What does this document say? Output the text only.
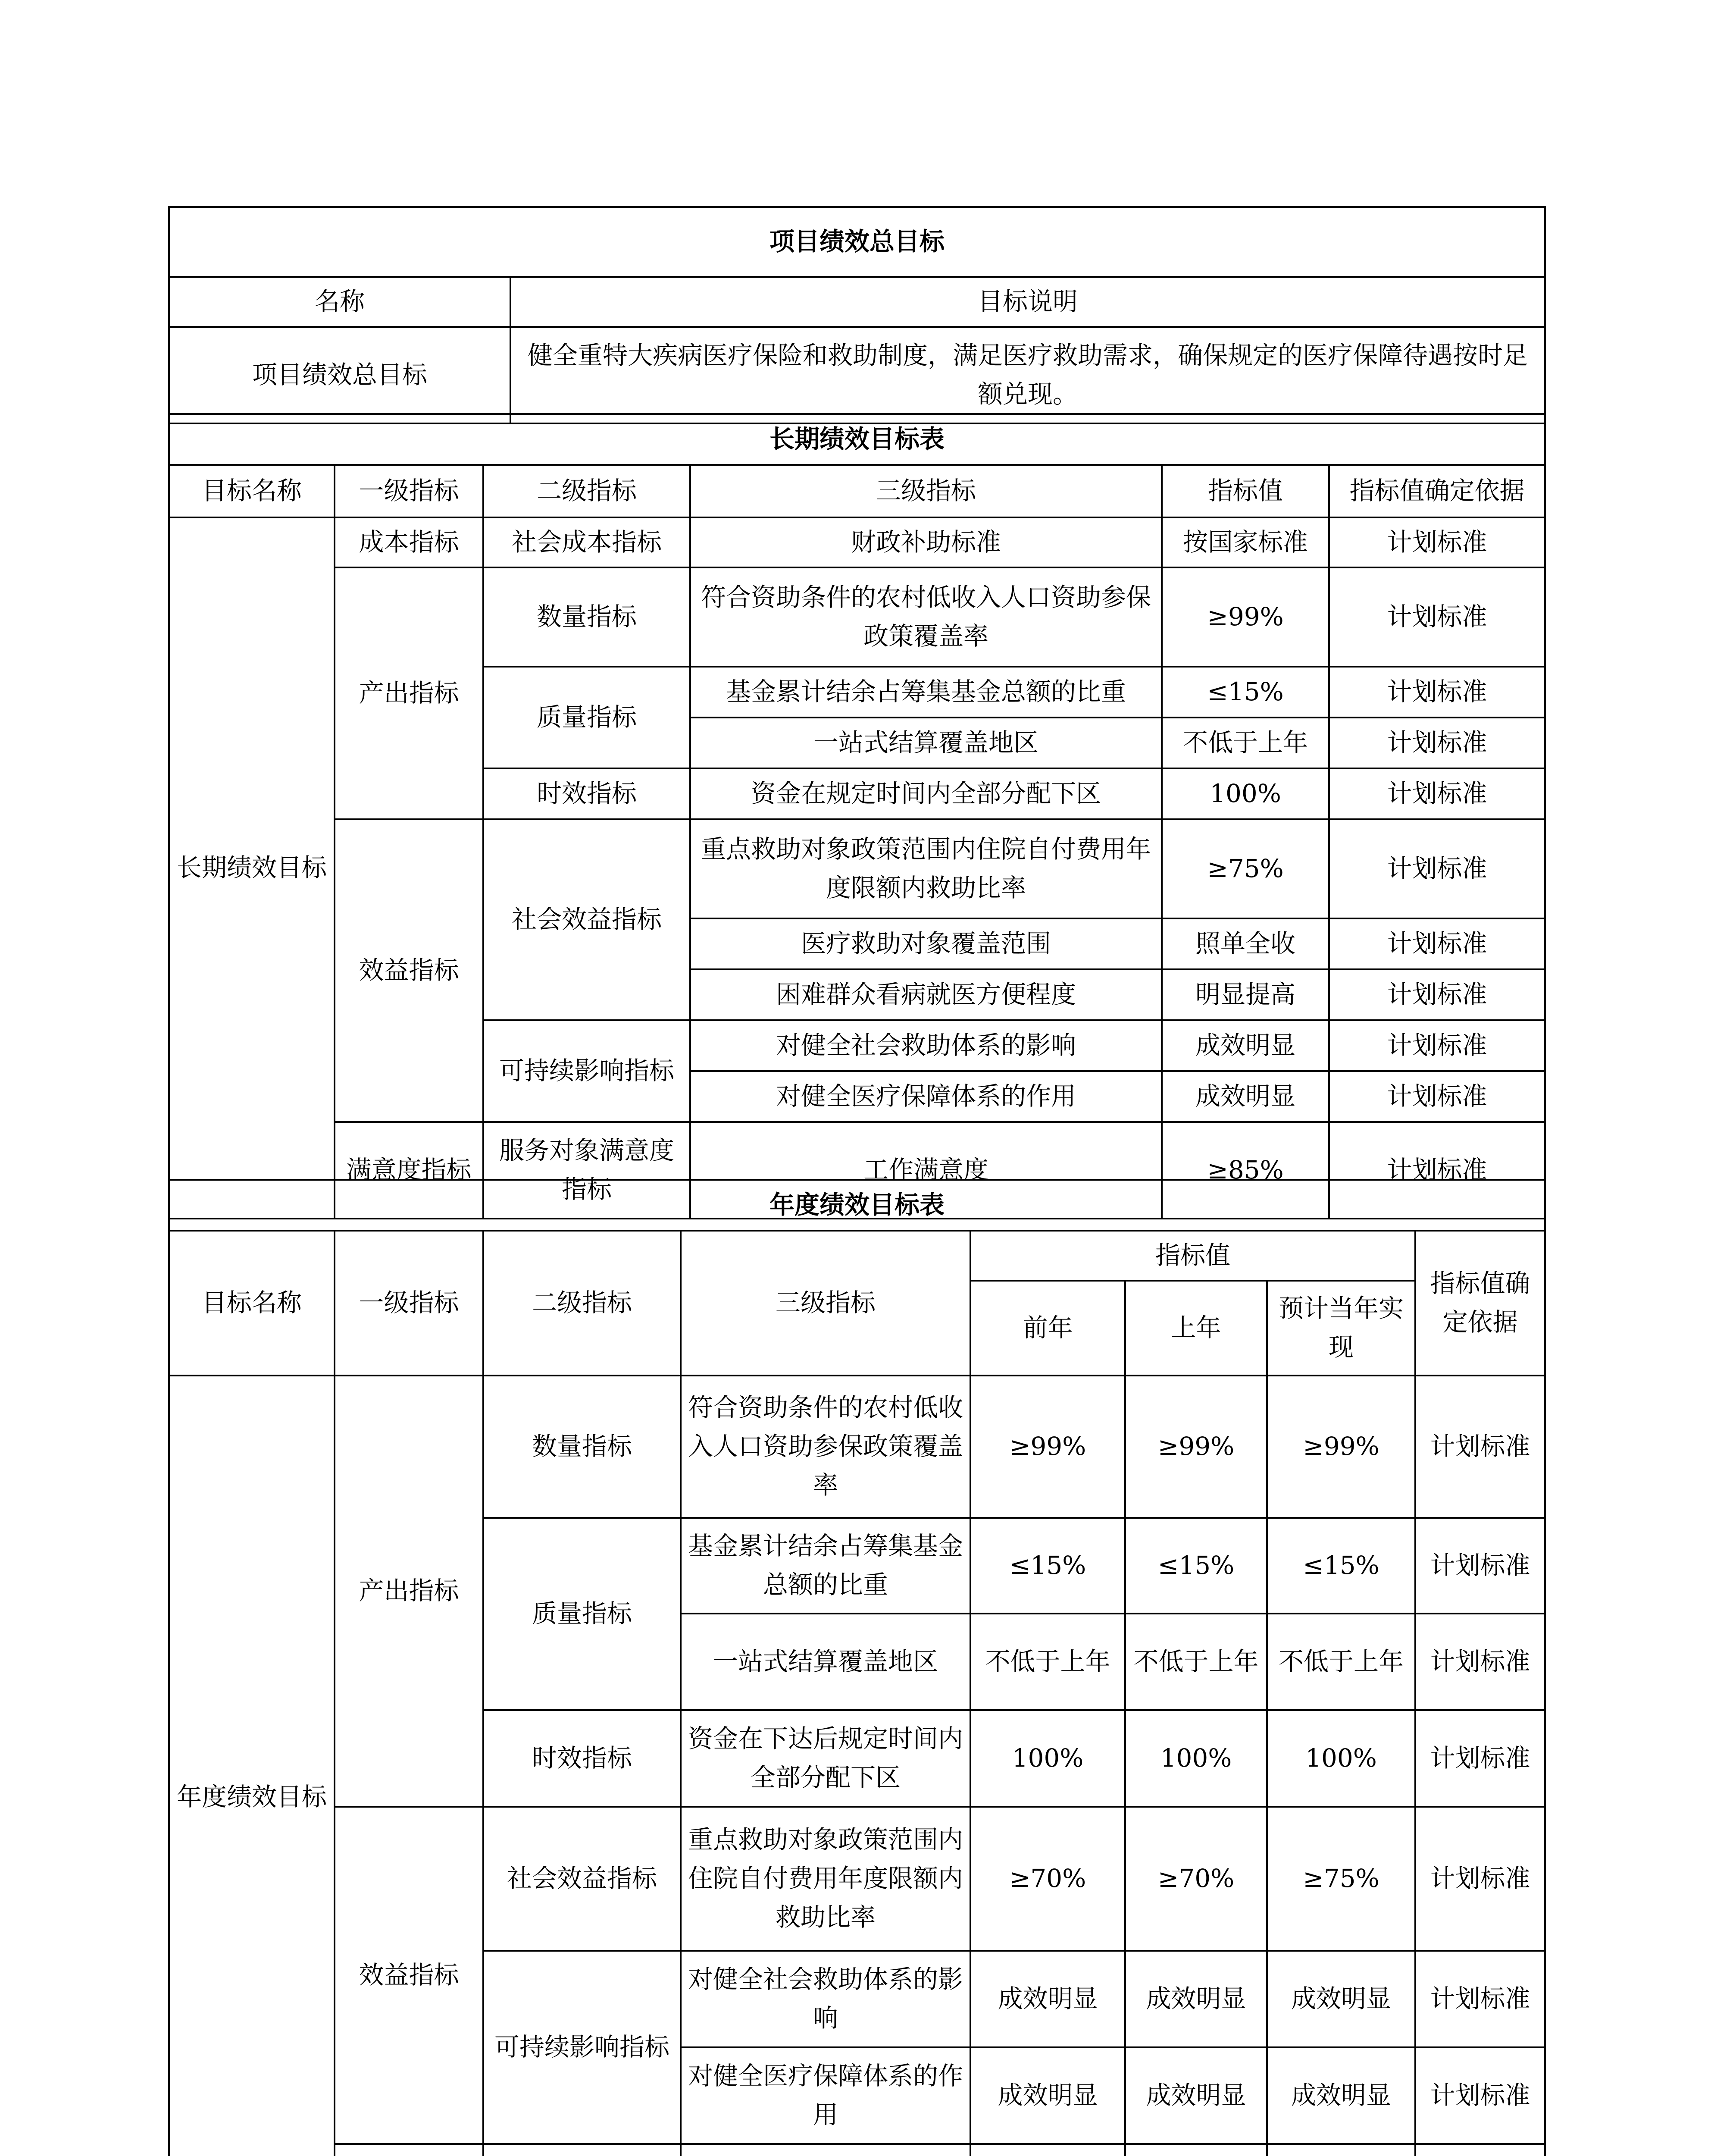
项目绩效总目标	
名称	目标说明
项目绩效总目标	健全重特大疾病医疗保险和救助制度，满足医疗救助需求，确保规定的医疗保障待遇按时足额兑现。
长期绩效目标表					
目标名称	一级指标	二级指标	三级指标	指标值	指标值确定依据
长期绩效目标	成本指标	社会成本指标	财政补助标准	按国家标准	计划标准
	产出指标	数量指标	符合资助条件的农村低收入人口资助参保政策覆盖率	≥99%	计划标准
		质量指标	基金累计结余占筹集基金总额的比重	≤15%	计划标准
			一站式结算覆盖地区	不低于上年	计划标准
		时效指标	资金在规定时间内全部分配下区	100%	计划标准
	效益指标	社会效益指标	重点救助对象政策范围内住院自付费用年度限额内救助比率	≥75%	计划标准
			医疗救助对象覆盖范围	照单全收	计划标准
			困难群众看病就医方便程度	明显提高	计划标准
		可持续影响指标	对健全社会救助体系的影响	成效明显	计划标准
			对健全医疗保障体系的作用	成效明显	计划标准
	满意度指标	服务对象满意度指标	工作满意度	≥85%	计划标准
年度绩效目标表							
目标名称	一级指标	二级指标	三级指标	指标值			指标值确定依据
				前年	上年	预计当年实现	
年度绩效目标	产出指标	数量指标	符合资助条件的农村低收入人口资助参保政策覆盖率	≥99%	≥99%	≥99%	计划标准
		质量指标	基金累计结余占筹集基金总额的比重	≤15%	≤15%	≤15%	计划标准
			一站式结算覆盖地区	不低于上年	不低于上年	不低于上年	计划标准
		时效指标	资金在下达后规定时间内全部分配下区	100%	100%	100%	计划标准
	效益指标	社会效益指标	重点救助对象政策范围内住院自付费用年度限额内救助比率	≥70%	≥70%	≥75%	计划标准
		可持续影响指标	对健全社会救助体系的影响	成效明显	成效明显	成效明显	计划标准
			对健全医疗保障体系的作用	成效明显	成效明显	成效明显	计划标准
